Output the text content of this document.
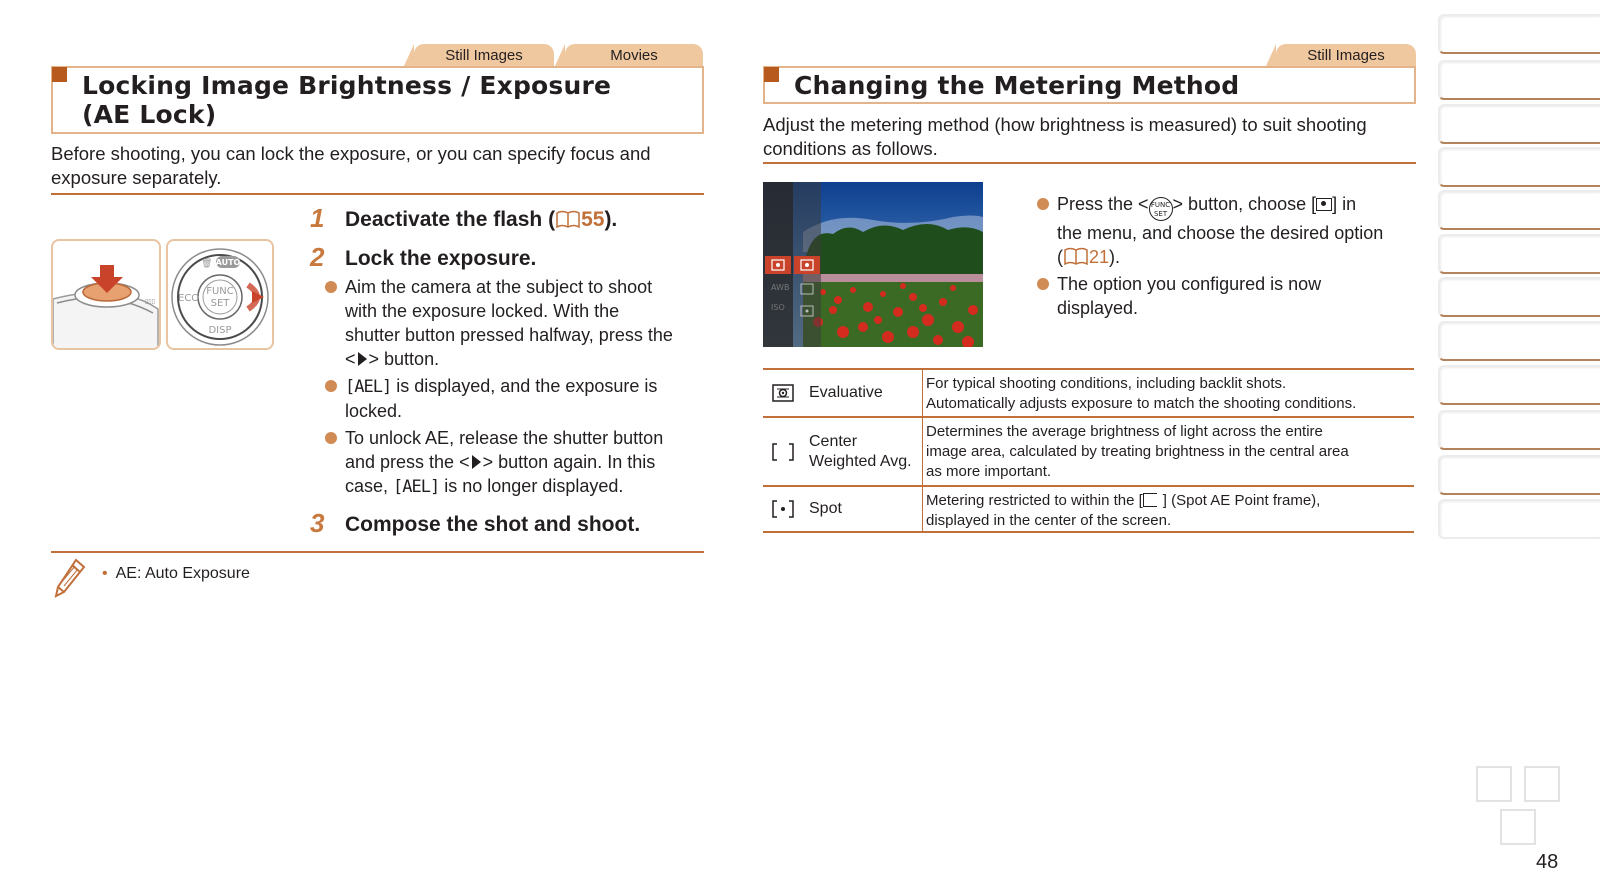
Still Images	Movies
Locking Image Brightness / Exposure
(AE Lock)
Before shooting, you can lock the exposure, or you can specify focus and exposure separately.
▯▯▯
FUNC
SET
AUTO
🗑
ECO
DISP
1 Deactivate the flash ( 55).
2 Lock the exposure.
Aim the camera at the subject to shoot
with the exposure locked. With the
shutter button pressed halfway, press the
< > button.
[AEL] is displayed, and the exposure is
locked.
To unlock AE, release the shutter button
and press the < > button again. In this
case, [AEL] is no longer displayed.
3 Compose the shot and shoot.
• AE: Auto Exposure
Still Images
Changing the Metering Method
Adjust the metering method (how brightness is measured) to suit shooting
conditions as follows.
AWB
ISO
Press the < FUNC
SET > button, choose [ ] in
the menu, and choose the desired option
( 21).
The option you configured is now
displayed.
Evaluative
For typical shooting conditions, including backlit shots.
Automatically adjusts exposure to match the shooting conditions.
Center
Weighted Avg.
Determines the average brightness of light across the entire
image area, calculated by treating brightness in the central area
as more important.
Spot	Metering restricted to within the [ ] (Spot AE Point frame),
displayed in the center of the screen.
48
